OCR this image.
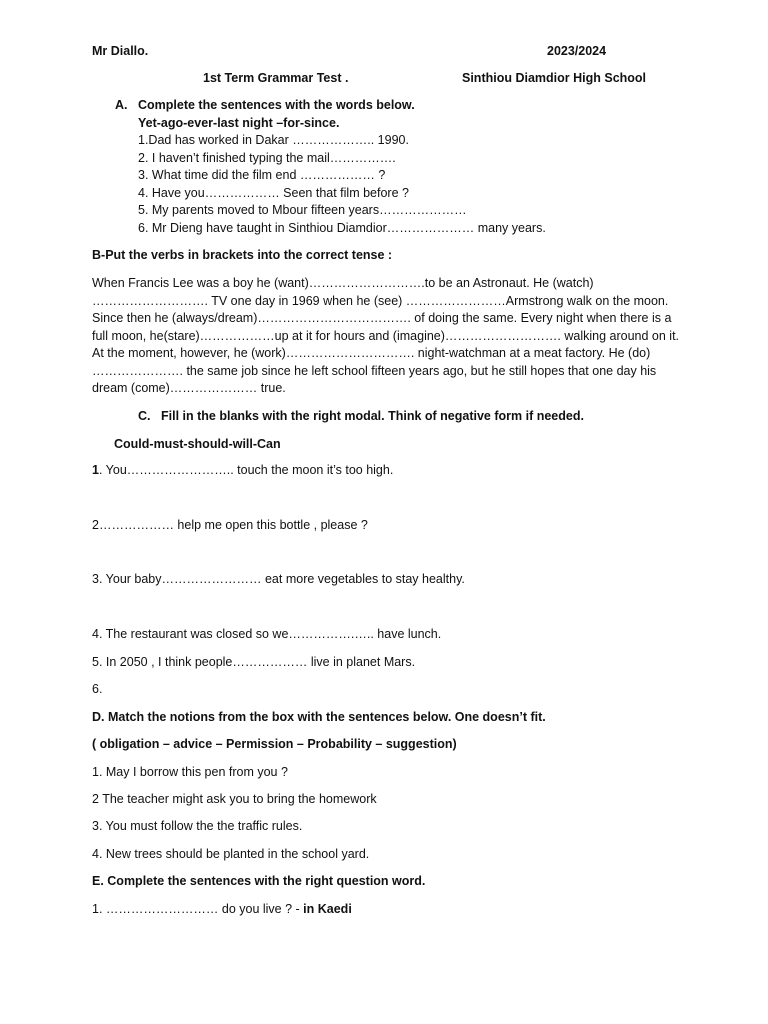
Mr Diallo.	2023/2024
1st Term Grammar Test .	Sinthiou Diamdior High School
A. Complete the sentences with the words below.
Yet-ago-ever-last night –for-since.
1.Dad has worked in Dakar ……………….. 1990.
2. I haven’t finished typing the mail…………….
3. What time did the film end ……………… ?
4. Have you……………… Seen that film before ?
5. My parents moved to Mbour fifteen years…………………
6. Mr Dieng have taught in Sinthiou Diamdior………………… many years.
B-Put the verbs in brackets into the correct tense :
When Francis Lee was a boy he (want)……………………….to be an Astronaut. He (watch) ………………………. TV one day in 1969 when he (see) ……………………Armstrong walk on the moon. Since then he (always/dream)………………………………. of doing the same. Every night when there is a full moon, he(stare)………………up at it for hours and (imagine)………………………. walking around on it. At the moment, however, he (work)…………………………. night-watchman at a meat factory. He (do) …………………. the same job since he left school fifteen years ago, but he still hopes that one day his dream (come)………………… true.
C. Fill in the blanks with the right modal. Think of negative form if needed.
Could-must-should-will-Can
1. You…………………….. touch the moon it’s too high.
2……………… help me open this bottle , please ?
3. Your baby…………………… eat more vegetables to stay healthy.
4. The restaurant was closed so we…………….….. have lunch.
5. In 2050 , I think people……………… live in planet Mars.
6.
D. Match the notions from the box with the sentences below. One doesn’t fit.
( obligation – advice – Permission – Probability – suggestion)
1. May I borrow this pen from you ?
2 The teacher might ask you to bring the homework
3. You must follow the the traffic rules.
4. New trees should be planted in the school yard.
E. Complete the sentences with the right question word.
1. ……………………… do you live ? - in Kaedi
